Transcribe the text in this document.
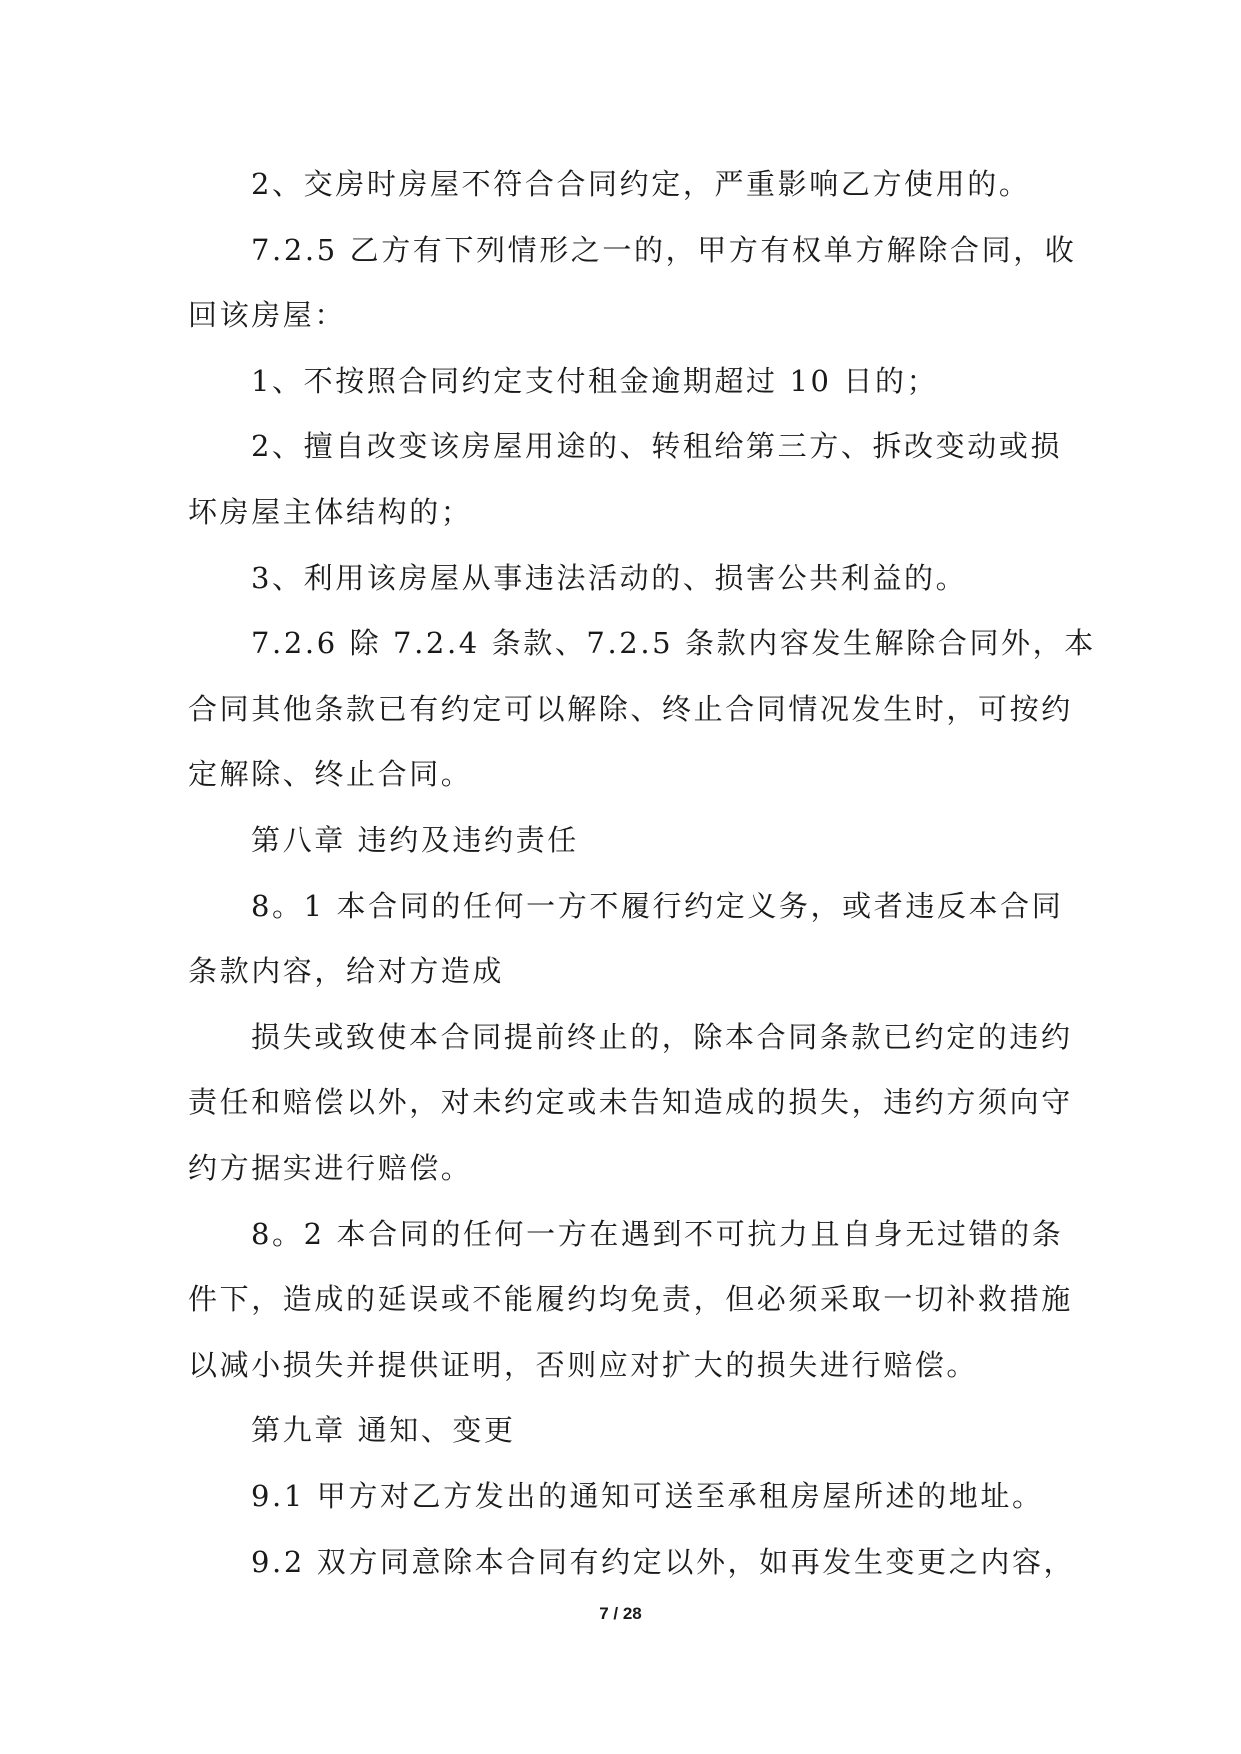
2、交房时房屋不符合合同约定，严重影响乙方使用的。
7.2.5 乙方有下列情形之一的，甲方有权单方解除合同，收
回该房屋：
1、不按照合同约定支付租金逾期超过 10 日的；
2、擅自改变该房屋用途的、转租给第三方、拆改变动或损
坏房屋主体结构的；
3、利用该房屋从事违法活动的、损害公共利益的。
7.2.6 除 7.2.4 条款、7.2.5 条款内容发生解除合同外，本
合同其他条款已有约定可以解除、终止合同情况发生时，可按约
定解除、终止合同。
第八章 违约及违约责任
8。1 本合同的任何一方不履行约定义务，或者违反本合同
条款内容，给对方造成
损失或致使本合同提前终止的，除本合同条款已约定的违约
责任和赔偿以外，对未约定或未告知造成的损失，违约方须向守
约方据实进行赔偿。
8。2 本合同的任何一方在遇到不可抗力且自身无过错的条
件下，造成的延误或不能履约均免责，但必须采取一切补救措施
以减小损失并提供证明，否则应对扩大的损失进行赔偿。
第九章 通知、变更
9.1 甲方对乙方发出的通知可送至承租房屋所述的地址。
9.2 双方同意除本合同有约定以外，如再发生变更之内容，
7 / 28
